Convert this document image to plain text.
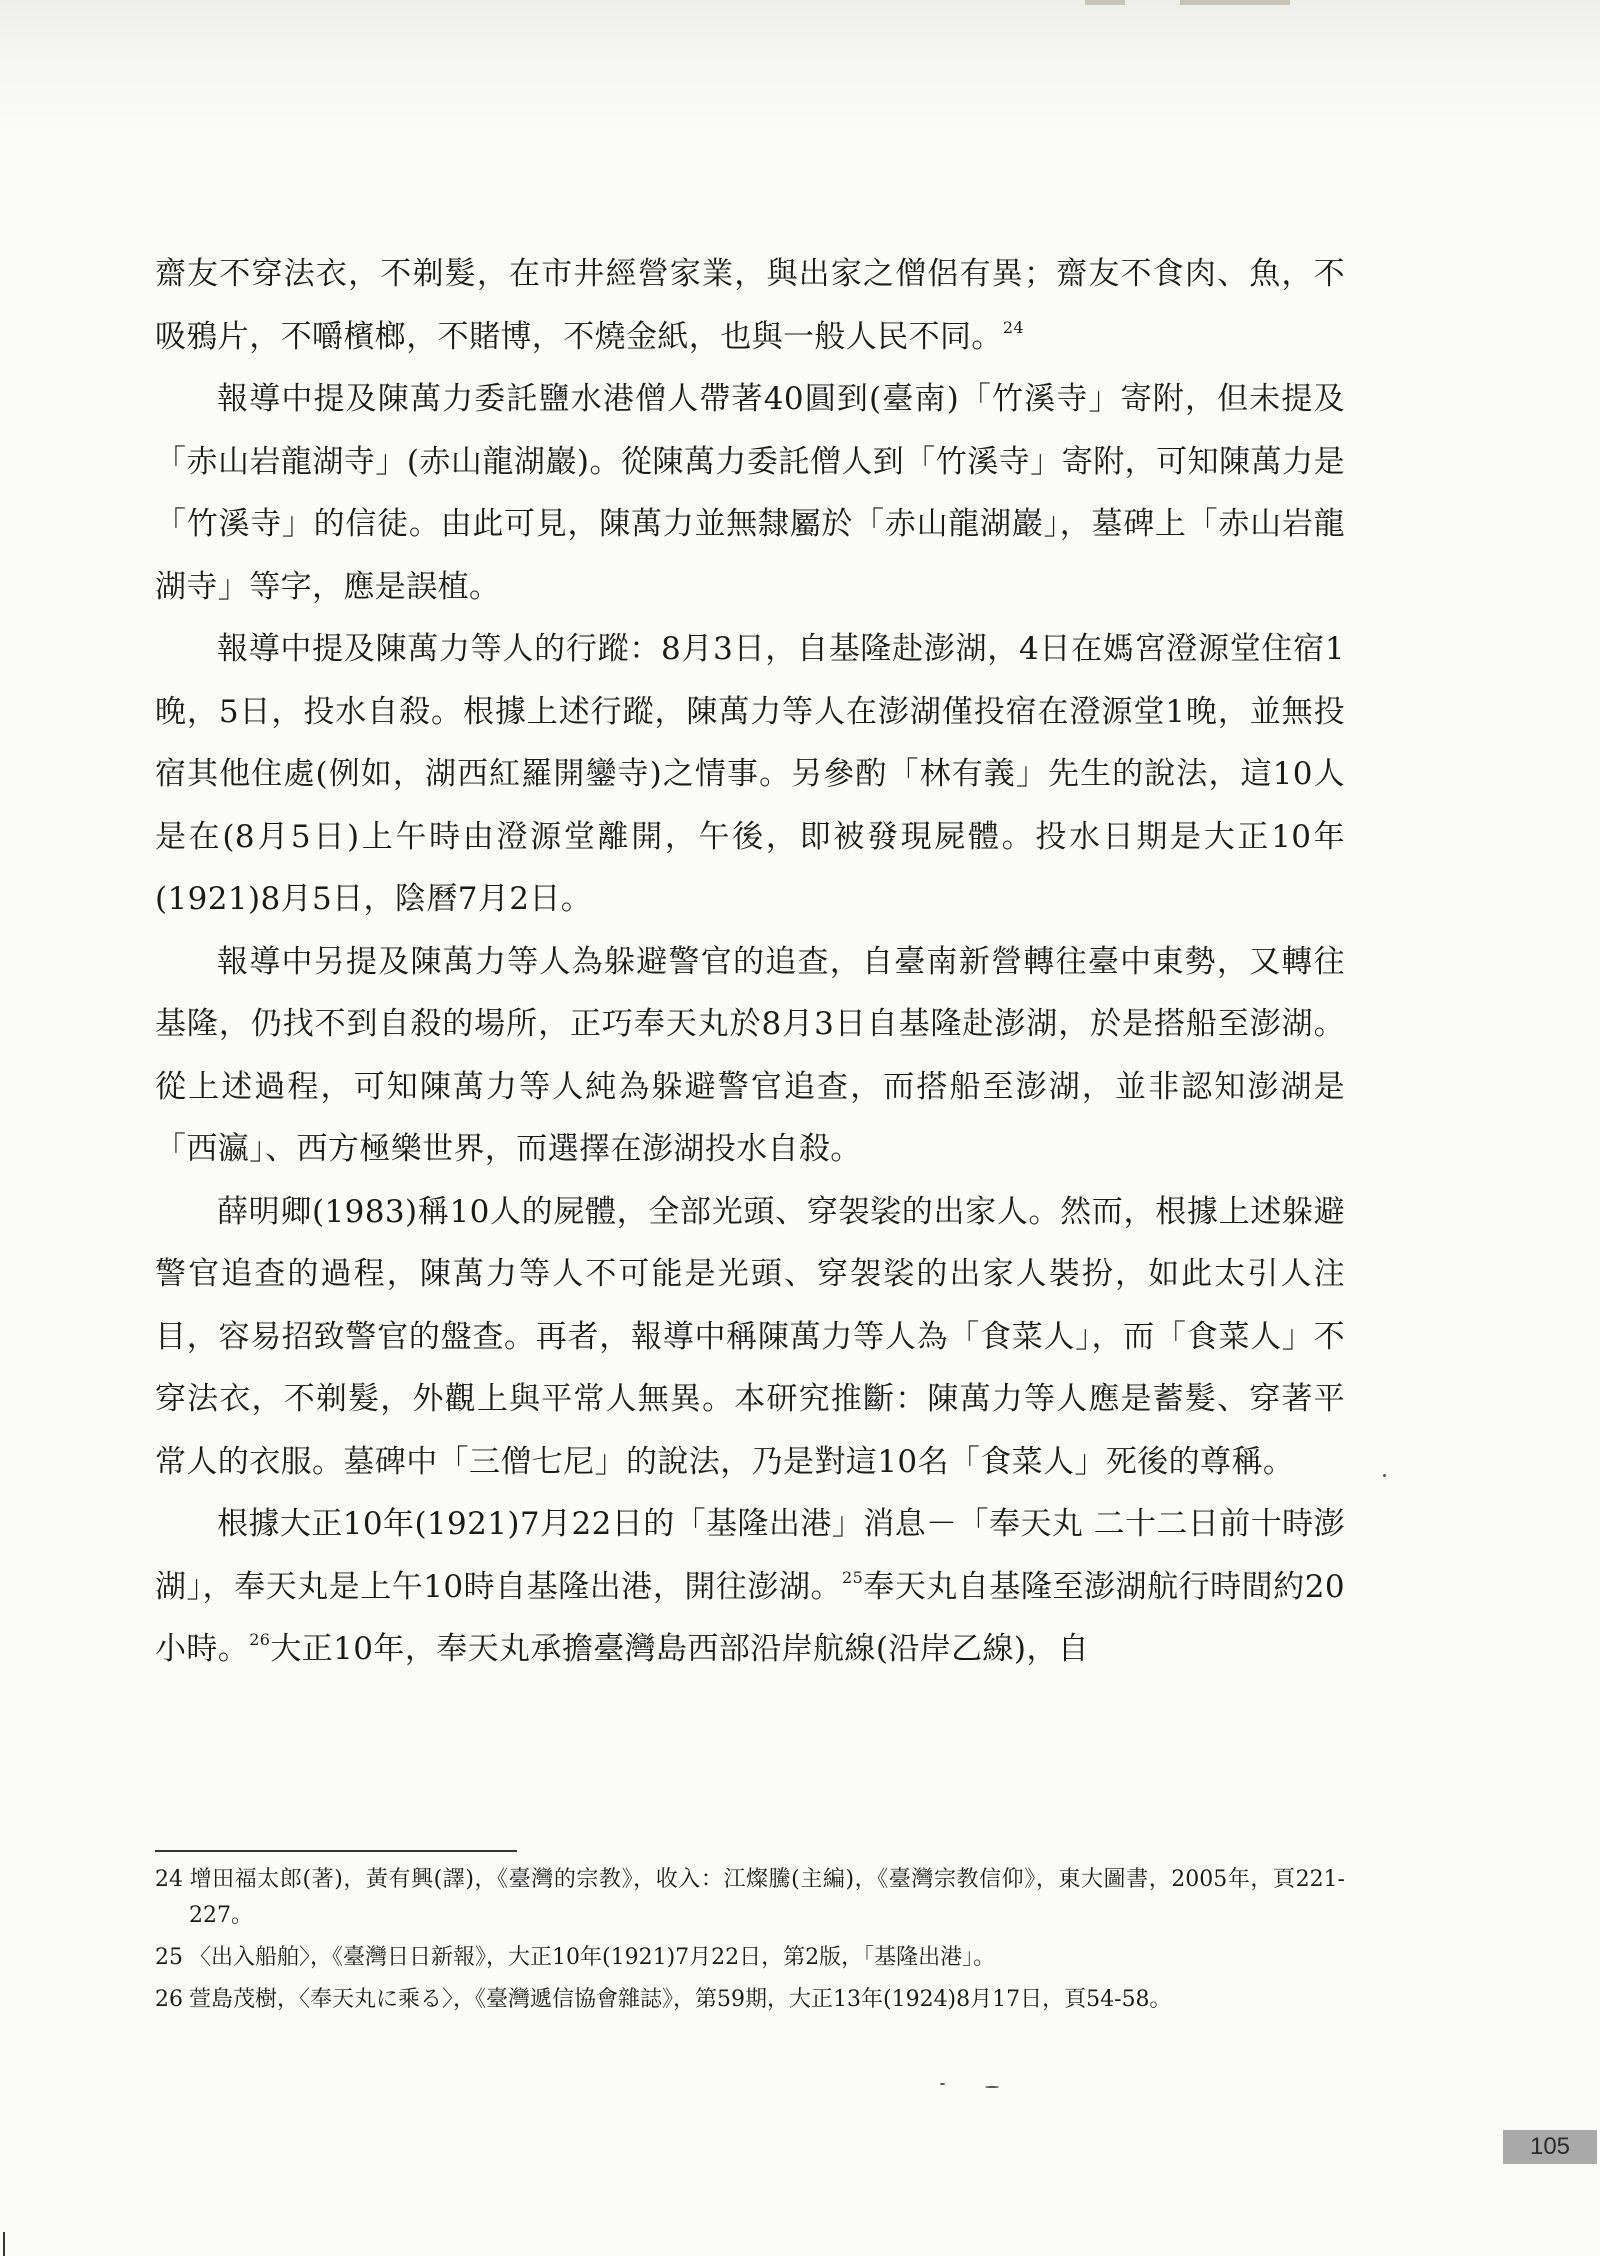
齋友不穿法衣，不剃髮，在市井經營家業，與出家之僧侶有異；齋友不食肉、魚，不吸鴉片，不嚼檳榔，不賭博，不燒金紙，也與一般人民不同。$^{24}$

報導中提及陳萬力委託鹽水港僧人帶著40圓到(臺南)「竹溪寺」寄附，但未提及「赤山岩龍湖寺」(赤山龍湖巖)。從陳萬力委託僧人到「竹溪寺」寄附，可知陳萬力是「竹溪寺」的信徒。由此可見，陳萬力並無隸屬於「赤山龍湖巖」，墓碑上「赤山岩龍湖寺」等字，應是誤植。

報導中提及陳萬力等人的行蹤：8月3日，自基隆赴澎湖，4日在媽宮澄源堂住宿1晚，5日，投水自殺。根據上述行蹤，陳萬力等人在澎湖僅投宿在澄源堂1晚，並無投宿其他住處(例如，湖西紅羅開鑾寺)之情事。另參酌「林有義」先生的說法，這10人是在(8月5日)上午時由澄源堂離開，午後，即被發現屍體。投水日期是大正10年(1921)8月5日，陰曆7月2日。

報導中另提及陳萬力等人為躲避警官的追查，自臺南新營轉往臺中東勢，又轉往基隆，仍找不到自殺的場所，正巧奉天丸於8月3日自基隆赴澎湖，於是搭船至澎湖。從上述過程，可知陳萬力等人純為躲避警官追查，而搭船至澎湖，並非認知澎湖是「西瀛」、西方極樂世界，而選擇在澎湖投水自殺。

薛明卿(1983)稱10人的屍體，全部光頭、穿袈裟的出家人。然而，根據上述躲避警官追查的過程，陳萬力等人不可能是光頭、穿袈裟的出家人裝扮，如此太引人注目，容易招致警官的盤查。再者，報導中稱陳萬力等人為「食菜人」，而「食菜人」不穿法衣，不剃髮，外觀上與平常人無異。本研究推斷：陳萬力等人應是蓄髮、穿著平常人的衣服。墓碑中「三僧七尼」的說法，乃是對這10名「食菜人」死後的尊稱。

根據大正10年(1921)7月22日的「基隆出港」消息－「奉天丸 二十二日前十時澎湖」，奉天丸是上午10時自基隆出港，開往澎湖。$^{25}$奉天丸自基隆至澎湖航行時間約20小時。$^{26}$大正10年，奉天丸承擔臺灣島西部沿岸航線(沿岸乙線)，自

24 增田福太郎(著)，黃有興(譯)，《臺灣的宗教》，收入：江燦騰(主編)，《臺灣宗教信仰》，東大圖書，2005年，頁221-227。

25 〈出入船舶〉，《臺灣日日新報》，大正10年(1921)7月22日，第2版，「基隆出港」。

26 萱島茂樹，〈奉天丸に乘る〉，《臺灣遞信協會雜誌》，第59期，大正13年(1924)8月17日，頁54-58。

105
